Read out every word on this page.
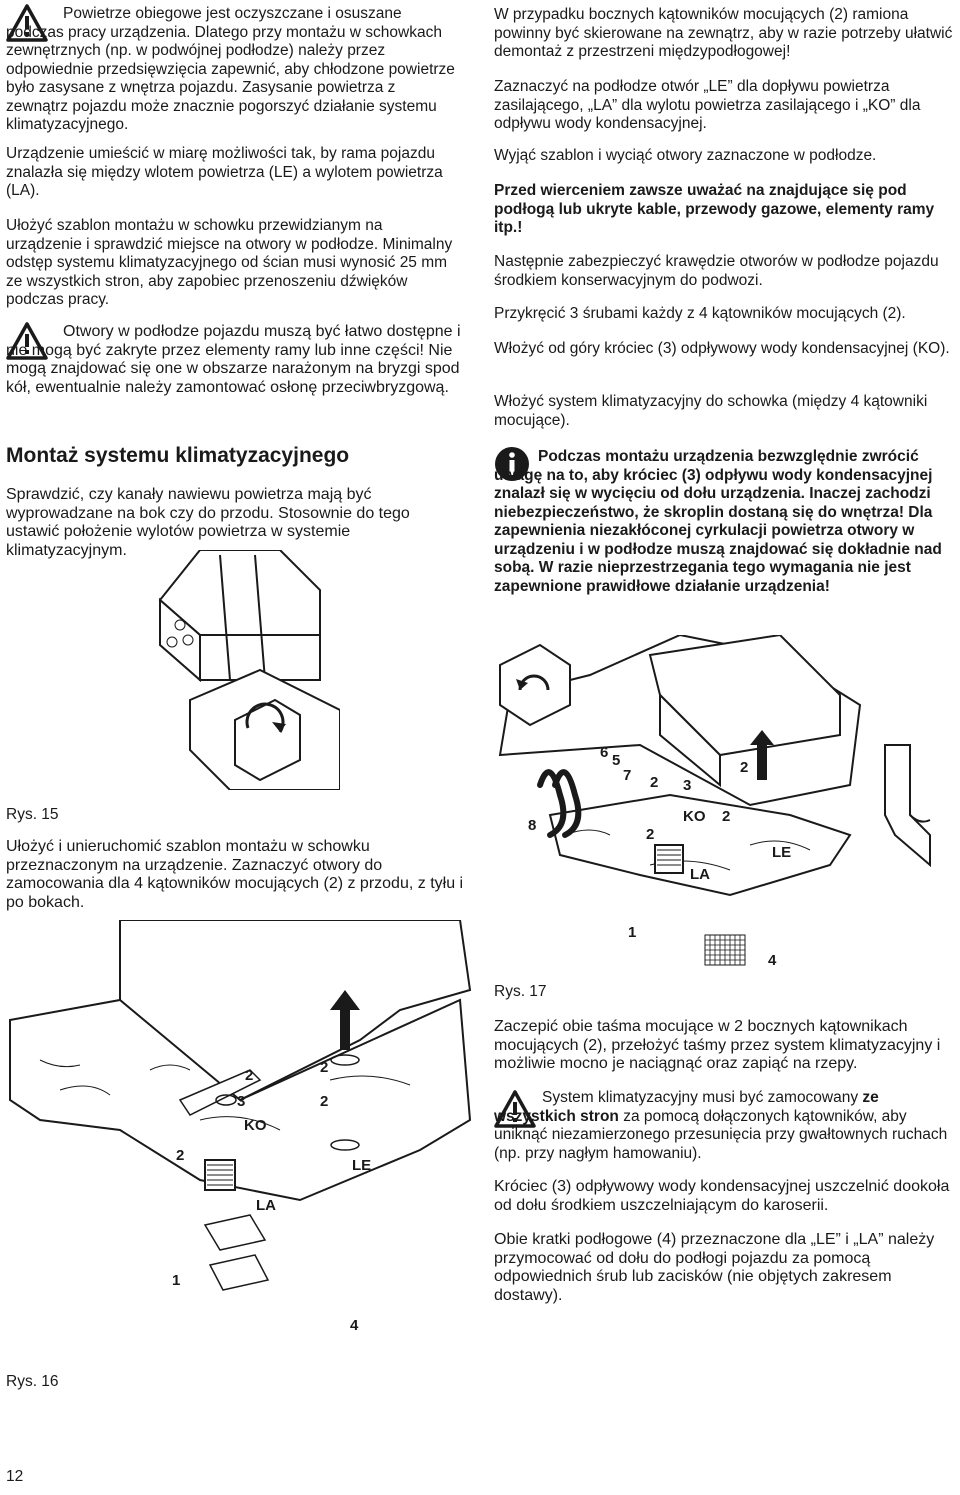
Powietrze obiegowe jest oczyszczane i osuszane podczas pracy urządzenia. Dlatego przy montażu w schowkach zewnętrznych (np. w podwójnej podłodze) należy przez odpowiednie przedsięwzięcia zapewnić, aby chłodzone powietrze było zasysane z wnętrza pojazdu. Zasysanie powietrza z zewnątrz pojazdu może znacznie pogorszyć działanie systemu klimatyzacyjnego.

Urządzenie umieścić w miarę możliwości tak, by rama pojazdu znalazła się między wlotem powietrza (LE) a wylotem powietrza (LA).

Ułożyć szablon montażu w schowku przewidzianym na urządzenie i sprawdzić miejsce na otwory w podłodze. Minimalny odstęp systemu klimatyzacyjnego od ścian musi wynosić 25 mm ze wszystkich stron, aby zapobiec przenoszeniu dźwięków podczas pracy.

Otwory w podłodze pojazdu muszą być łatwo dostępne i nie mogą być zakryte przez elementy ramy lub inne części! Nie mogą znajdować się one w obszarze narażonym na bryzgi spod kół, ewentualnie należy zamontować osłonę przeciwbryzgową.

Montaż systemu klimatyzacyjnego

Sprawdzić, czy kanały nawiewu powietrza mają być wyprowadzane na bok czy do przodu. Stosownie do tego ustawić położenie wylotów powietrza w systemie klimatyzacyjnym.

Rys. 15

Ułożyć i unieruchomić szablon montażu w schowku przeznaczonym na urządzenie. Zaznaczyć otwory do zamocowania dla 4 kątowników mocujących (2) z przodu, z tyłu i po bokach.

2
3
KO
2
2
2
LE
LA
1
4
Rys. 16
12

W przypadku bocznych kątowników mocujących (2) ramiona powinny być skierowane na zewnątrz, aby w razie potrzeby ułatwić demontaż z przestrzeni międzypodłogowej!

Zaznaczyć na podłodze otwór „LE” dla dopływu powietrza zasilającego, „LA” dla wylotu powietrza zasilającego i „KO” dla odpływu wody kondensacyjnej.

Wyjąć szablon i wyciąć otwory zaznaczone w podłodze.

Przed wierceniem zawsze uważać na znajdujące się pod podłogą lub ukryte kable, przewody gazowe, elementy ramy itp.!

Następnie zabezpieczyć krawędzie otworów w podłodze pojazdu środkiem konserwacyjnym do podwozi.

Przykręcić 3 śrubami każdy z 4 kątowników mocujących (2).

Włożyć od góry króciec (3) odpływowy wody kondensacyjnej (KO).

Włożyć system klimatyzacyjny do schowka (między 4 kątowniki mocujące).

Podczas montażu urządzenia bezwzględnie zwrócić uwagę na to, aby króciec (3) odpływu wody kondensacyjnej znalazł się w wycięciu od dołu urządzenia. Inaczej zachodzi niebezpieczeństwo, że skroplin dostaną się do wnętrza! Dla zapewnienia niezakłóconej cyrkulacji powietrza otwory w urządzeniu i w podłodze muszą znajdować się dokładnie nad sobą. W razie nieprzestrzegania tego wymagania nie jest zapewnione prawidłowe działanie urządzenia!

6 5
7 2 3
2
KO 2
2
8
LE
LA
1
4
Rys. 17

Zaczepić obie taśma mocujące w 2 bocznych kątownikach mocujących (2), przełożyć taśmy przez system klimatyzacyjny i możliwie mocno je naciągnąć oraz zapiąć na rzepy.

System klimatyzacyjny musi być zamocowany ze wszystkich stron za pomocą dołączonych kątowników, aby uniknąć niezamierzonego przesunięcia przy gwałtownych ruchach (np. przy nagłym hamowaniu).

Króciec (3) odpływowy wody kondensacyjnej uszczelnić dookoła od dołu środkiem uszczelniającym do karoserii.

Obie kratki podłogowe (4) przeznaczone dla „LE” i „LA” należy przymocować od dołu do podłogi pojazdu za pomocą odpowiednich śrub lub zacisków (nie objętych zakresem dostawy).
